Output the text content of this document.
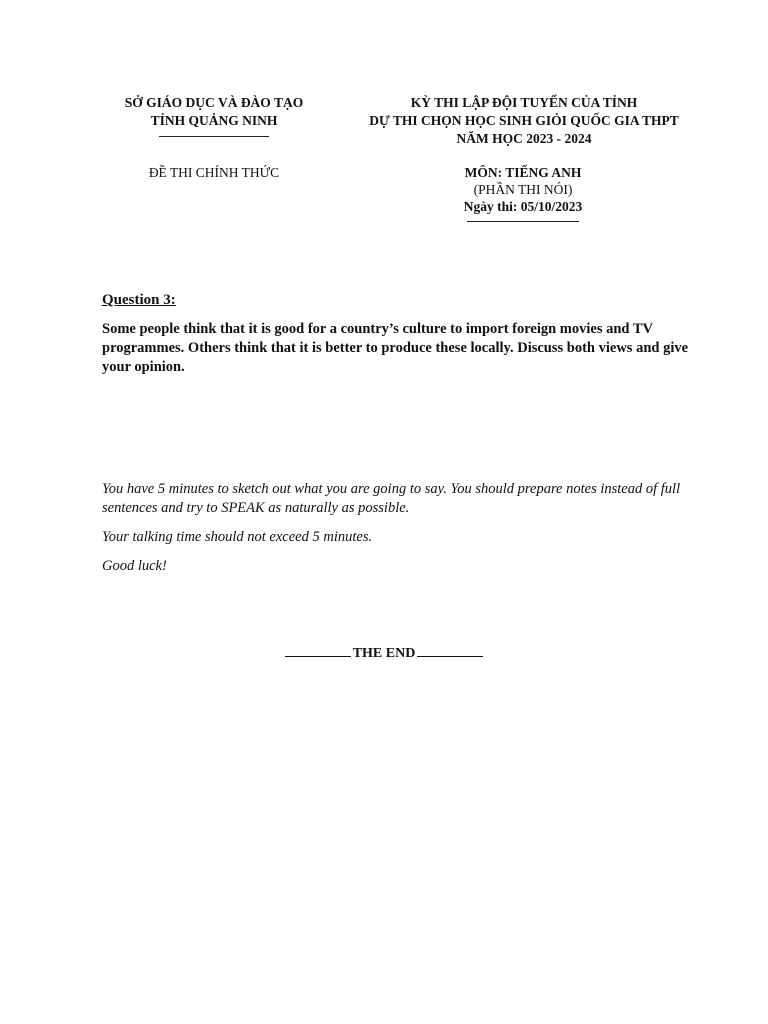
SỞ GIÁO DỤC VÀ ĐÀO TẠO
TỈNH QUẢNG NINH
KỲ THI LẬP ĐỘI TUYỂN CỦA TỈNH
DỰ THI CHỌN HỌC SINH GIỎI QUỐC GIA THPT
NĂM HỌC 2023 - 2024
ĐỀ THI CHÍNH THỨC	MÔN: TIẾNG ANH
(PHẦN THI NÓI)
Ngày thi: 05/10/2023
Question 3:
Some people think that it is good for a country’s culture to import foreign movies and TV programmes. Others think that it is better to produce these locally. Discuss both views and give your opinion.

You have 5 minutes to sketch out what you are going to say. You should prepare notes instead of full sentences and try to SPEAK as naturally as possible.

Your talking time should not exceed 5 minutes.

Good luck!

THE END
